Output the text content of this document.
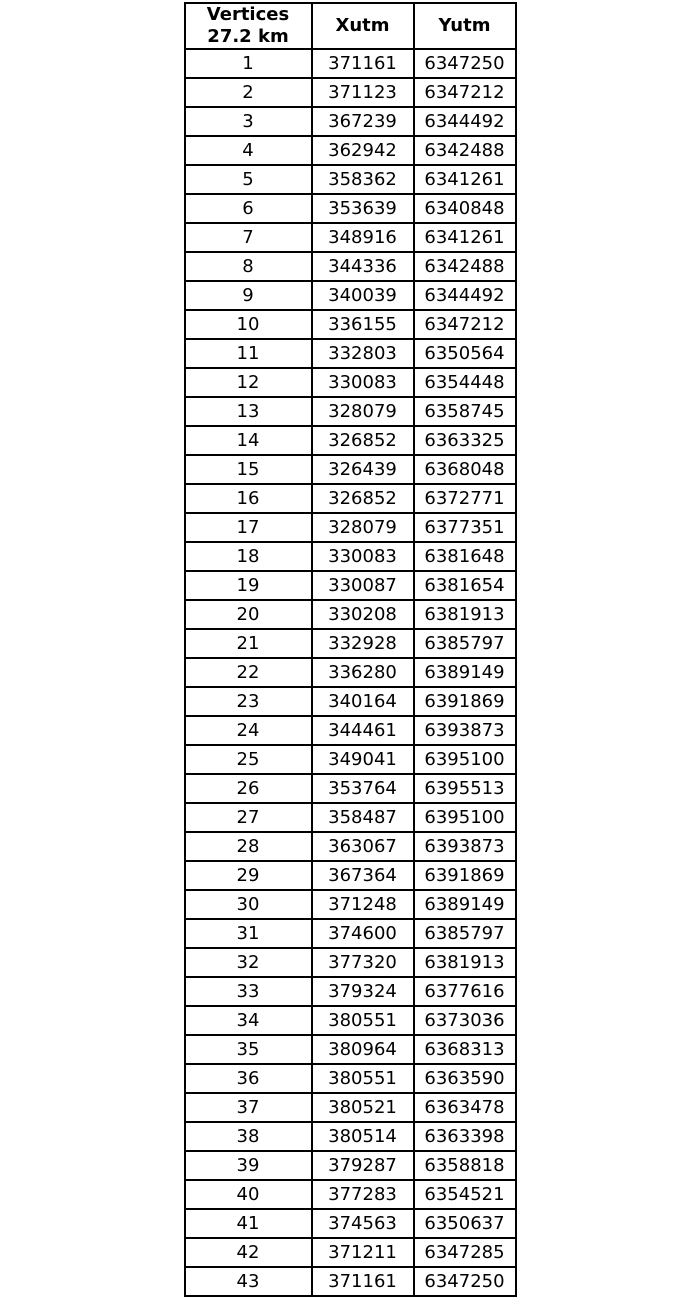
Vertices
27.2 km	Xutm	Yutm
1	371161	6347250
2	371123	6347212
3	367239	6344492
4	362942	6342488
5	358362	6341261
6	353639	6340848
7	348916	6341261
8	344336	6342488
9	340039	6344492
10	336155	6347212
11	332803	6350564
12	330083	6354448
13	328079	6358745
14	326852	6363325
15	326439	6368048
16	326852	6372771
17	328079	6377351
18	330083	6381648
19	330087	6381654
20	330208	6381913
21	332928	6385797
22	336280	6389149
23	340164	6391869
24	344461	6393873
25	349041	6395100
26	353764	6395513
27	358487	6395100
28	363067	6393873
29	367364	6391869
30	371248	6389149
31	374600	6385797
32	377320	6381913
33	379324	6377616
34	380551	6373036
35	380964	6368313
36	380551	6363590
37	380521	6363478
38	380514	6363398
39	379287	6358818
40	377283	6354521
41	374563	6350637
42	371211	6347285
43	371161	6347250
